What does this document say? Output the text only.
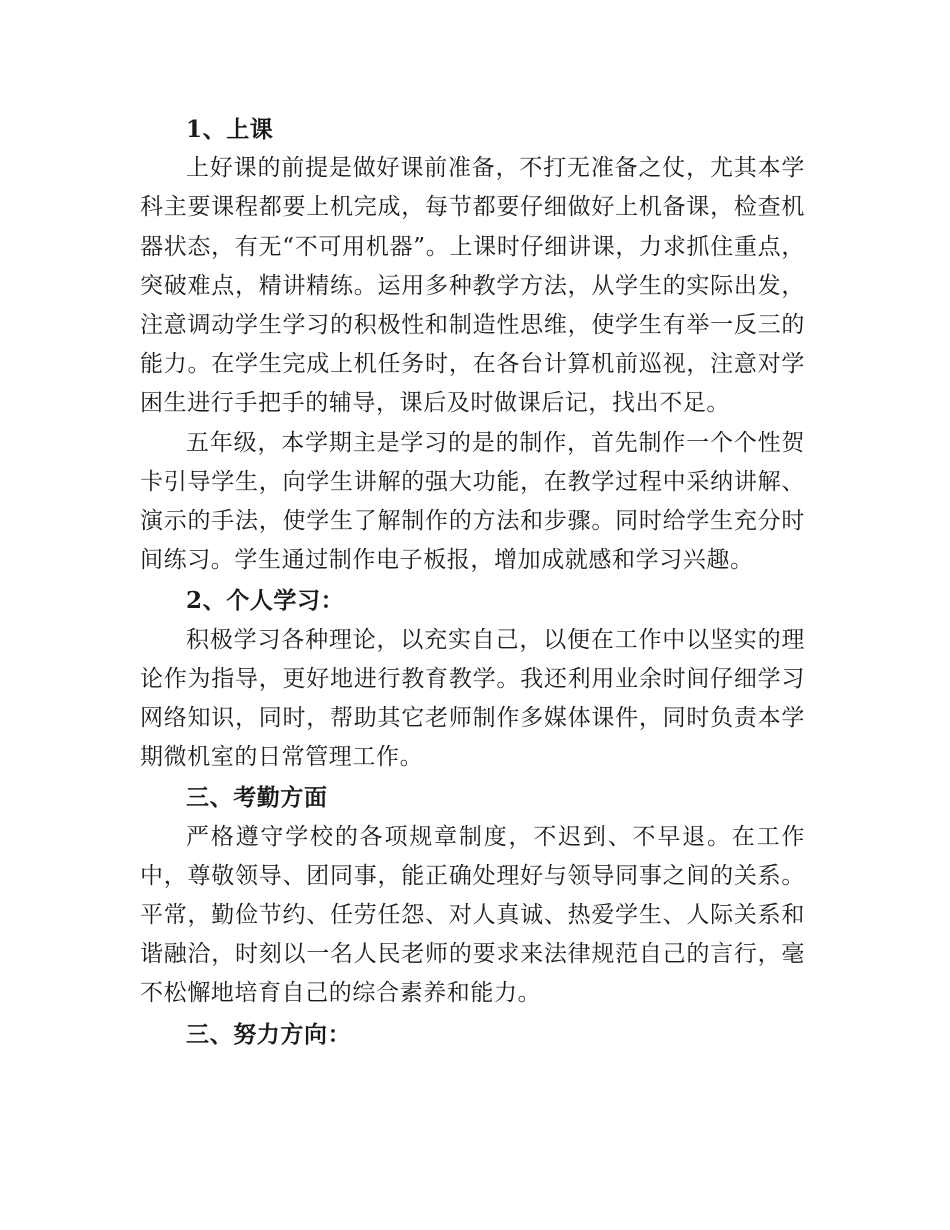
1、上课

上好课的前提是做好课前准备，不打无准备之仗，尤其本学科主要课程都要上机完成，每节都要仔细做好上机备课，检查机器状态，有无“不可用机器”。上课时仔细讲课，力求抓住重点，突破难点，精讲精练。运用多种教学方法，从学生的实际出发，注意调动学生学习的积极性和制造性思维，使学生有举一反三的能力。在学生完成上机任务时，在各台计算机前巡视，注意对学困生进行手把手的辅导，课后及时做课后记，找出不足。

五年级，本学期主是学习的是的制作，首先制作一个个性贺卡引导学生，向学生讲解的强大功能，在教学过程中采纳讲解、演示的手法，使学生了解制作的方法和步骤。同时给学生充分时间练习。学生通过制作电子板报，增加成就感和学习兴趣。

2、个人学习：

积极学习各种理论，以充实自己，以便在工作中以坚实的理论作为指导，更好地进行教育教学。我还利用业余时间仔细学习网络知识，同时，帮助其它老师制作多媒体课件，同时负责本学期微机室的日常管理工作。

三、考勤方面

严格遵守学校的各项规章制度，不迟到、不早退。在工作中，尊敬领导、团同事，能正确处理好与领导同事之间的关系。平常，勤俭节约、任劳任怨、对人真诚、热爱学生、人际关系和谐融洽，时刻以一名人民老师的要求来法律规范自己的言行，毫不松懈地培育自己的综合素养和能力。

三、努力方向：
